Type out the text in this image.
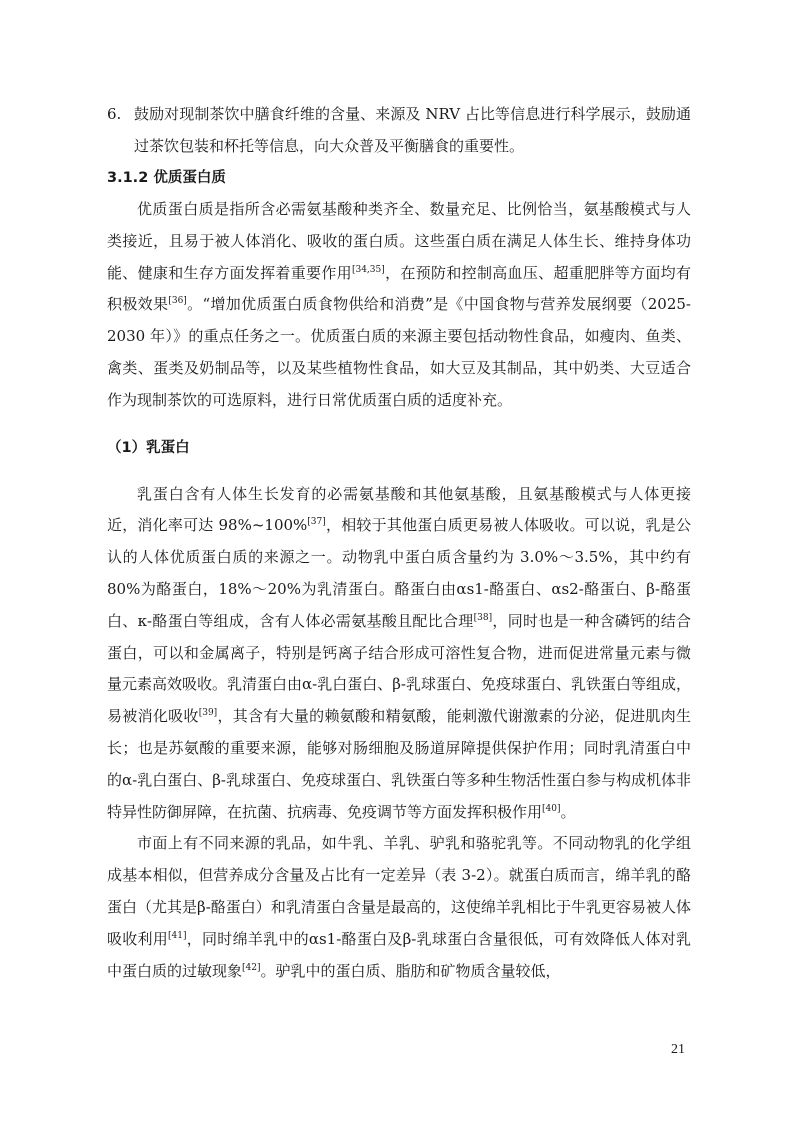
6. 鼓励对现制茶饮中膳食纤维的含量、来源及 NRV 占比等信息进行科学展示，鼓励通过茶饮包装和杯托等信息，向大众普及平衡膳食的重要性。
3.1.2 优质蛋白质

优质蛋白质是指所含必需氨基酸种类齐全、数量充足、比例恰当，氨基酸模式与人类接近，且易于被人体消化、吸收的蛋白质。这些蛋白质在满足人体生长、维持身体功能、健康和生存方面发挥着重要作用[34,35]，在预防和控制高血压、超重肥胖等方面均有积极效果[36]。“增加优质蛋白质食物供给和消费”是《中国食物与营养发展纲要（2025-2030 年）》的重点任务之一。优质蛋白质的来源主要包括动物性食品，如瘦肉、鱼类、禽类、蛋类及奶制品等，以及某些植物性食品，如大豆及其制品，其中奶类、大豆适合作为现制茶饮的可选原料，进行日常优质蛋白质的适度补充。

（1）乳蛋白

乳蛋白含有人体生长发育的必需氨基酸和其他氨基酸，且氨基酸模式与人体更接近，消化率可达 98%~100%[37]，相较于其他蛋白质更易被人体吸收。可以说，乳是公认的人体优质蛋白质的来源之一。动物乳中蛋白质含量约为 3.0%～3.5%，其中约有 80%为酪蛋白，18%～20%为乳清蛋白。酪蛋白由αs1-酪蛋白、αs2-酪蛋白、β-酪蛋白、κ-酪蛋白等组成，含有人体必需氨基酸且配比合理[38]，同时也是一种含磷钙的结合蛋白，可以和金属离子，特别是钙离子结合形成可溶性复合物，进而促进常量元素与微量元素高效吸收。乳清蛋白由α-乳白蛋白、β-乳球蛋白、免疫球蛋白、乳铁蛋白等组成，易被消化吸收[39]，其含有大量的赖氨酸和精氨酸，能刺激代谢激素的分泌，促进肌肉生长；也是苏氨酸的重要来源，能够对肠细胞及肠道屏障提供保护作用；同时乳清蛋白中的α-乳白蛋白、β-乳球蛋白、免疫球蛋白、乳铁蛋白等多种生物活性蛋白参与构成机体非特异性防御屏障，在抗菌、抗病毒、免疫调节等方面发挥积极作用[40]。

市面上有不同来源的乳品，如牛乳、羊乳、驴乳和骆驼乳等。不同动物乳的化学组成基本相似，但营养成分含量及占比有一定差异（表 3-2）。就蛋白质而言，绵羊乳的酪蛋白（尤其是β-酪蛋白）和乳清蛋白含量是最高的，这使绵羊乳相比于牛乳更容易被人体吸收利用[41]，同时绵羊乳中的αs1-酪蛋白及β-乳球蛋白含量很低，可有效降低人体对乳中蛋白质的过敏现象[42]。驴乳中的蛋白质、脂肪和矿物质含量较低，

21
